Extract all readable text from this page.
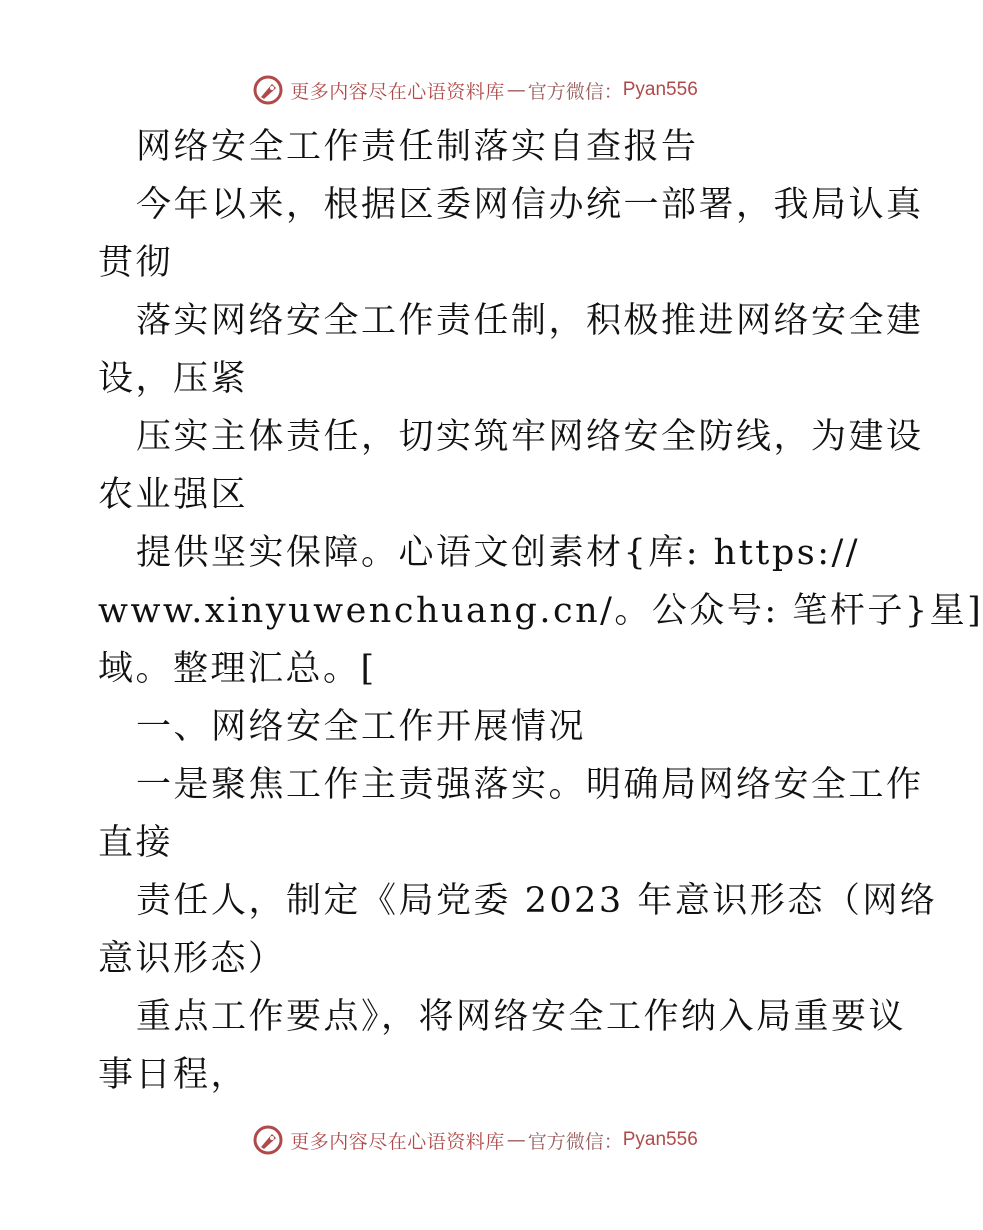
更多内容尽在心语资料库 — 官方微信： Pyan556
网络安全工作责任制落实自查报告
今年以来，根据区委网信办统一部署，我局认真
贯彻
落实网络安全工作责任制，积极推进网络安全建
设，压紧
压实主体责任，切实筑牢网络安全防线，为建设
农业强区
提供坚实保障。心语文创素材{库: https://
www.xinyuwenchuang.cn/。公众号: 笔杆子}星]
域。整理汇总。[
一、网络安全工作开展情况
一是聚焦工作主责强落实。明确局网络安全工作
直接
责任人，制定《局党委 2023 年意识形态（网络
意识形态）
重点工作要点》，将网络安全工作纳入局重要议
事日程，
更多内容尽在心语资料库 — 官方微信： Pyan556
